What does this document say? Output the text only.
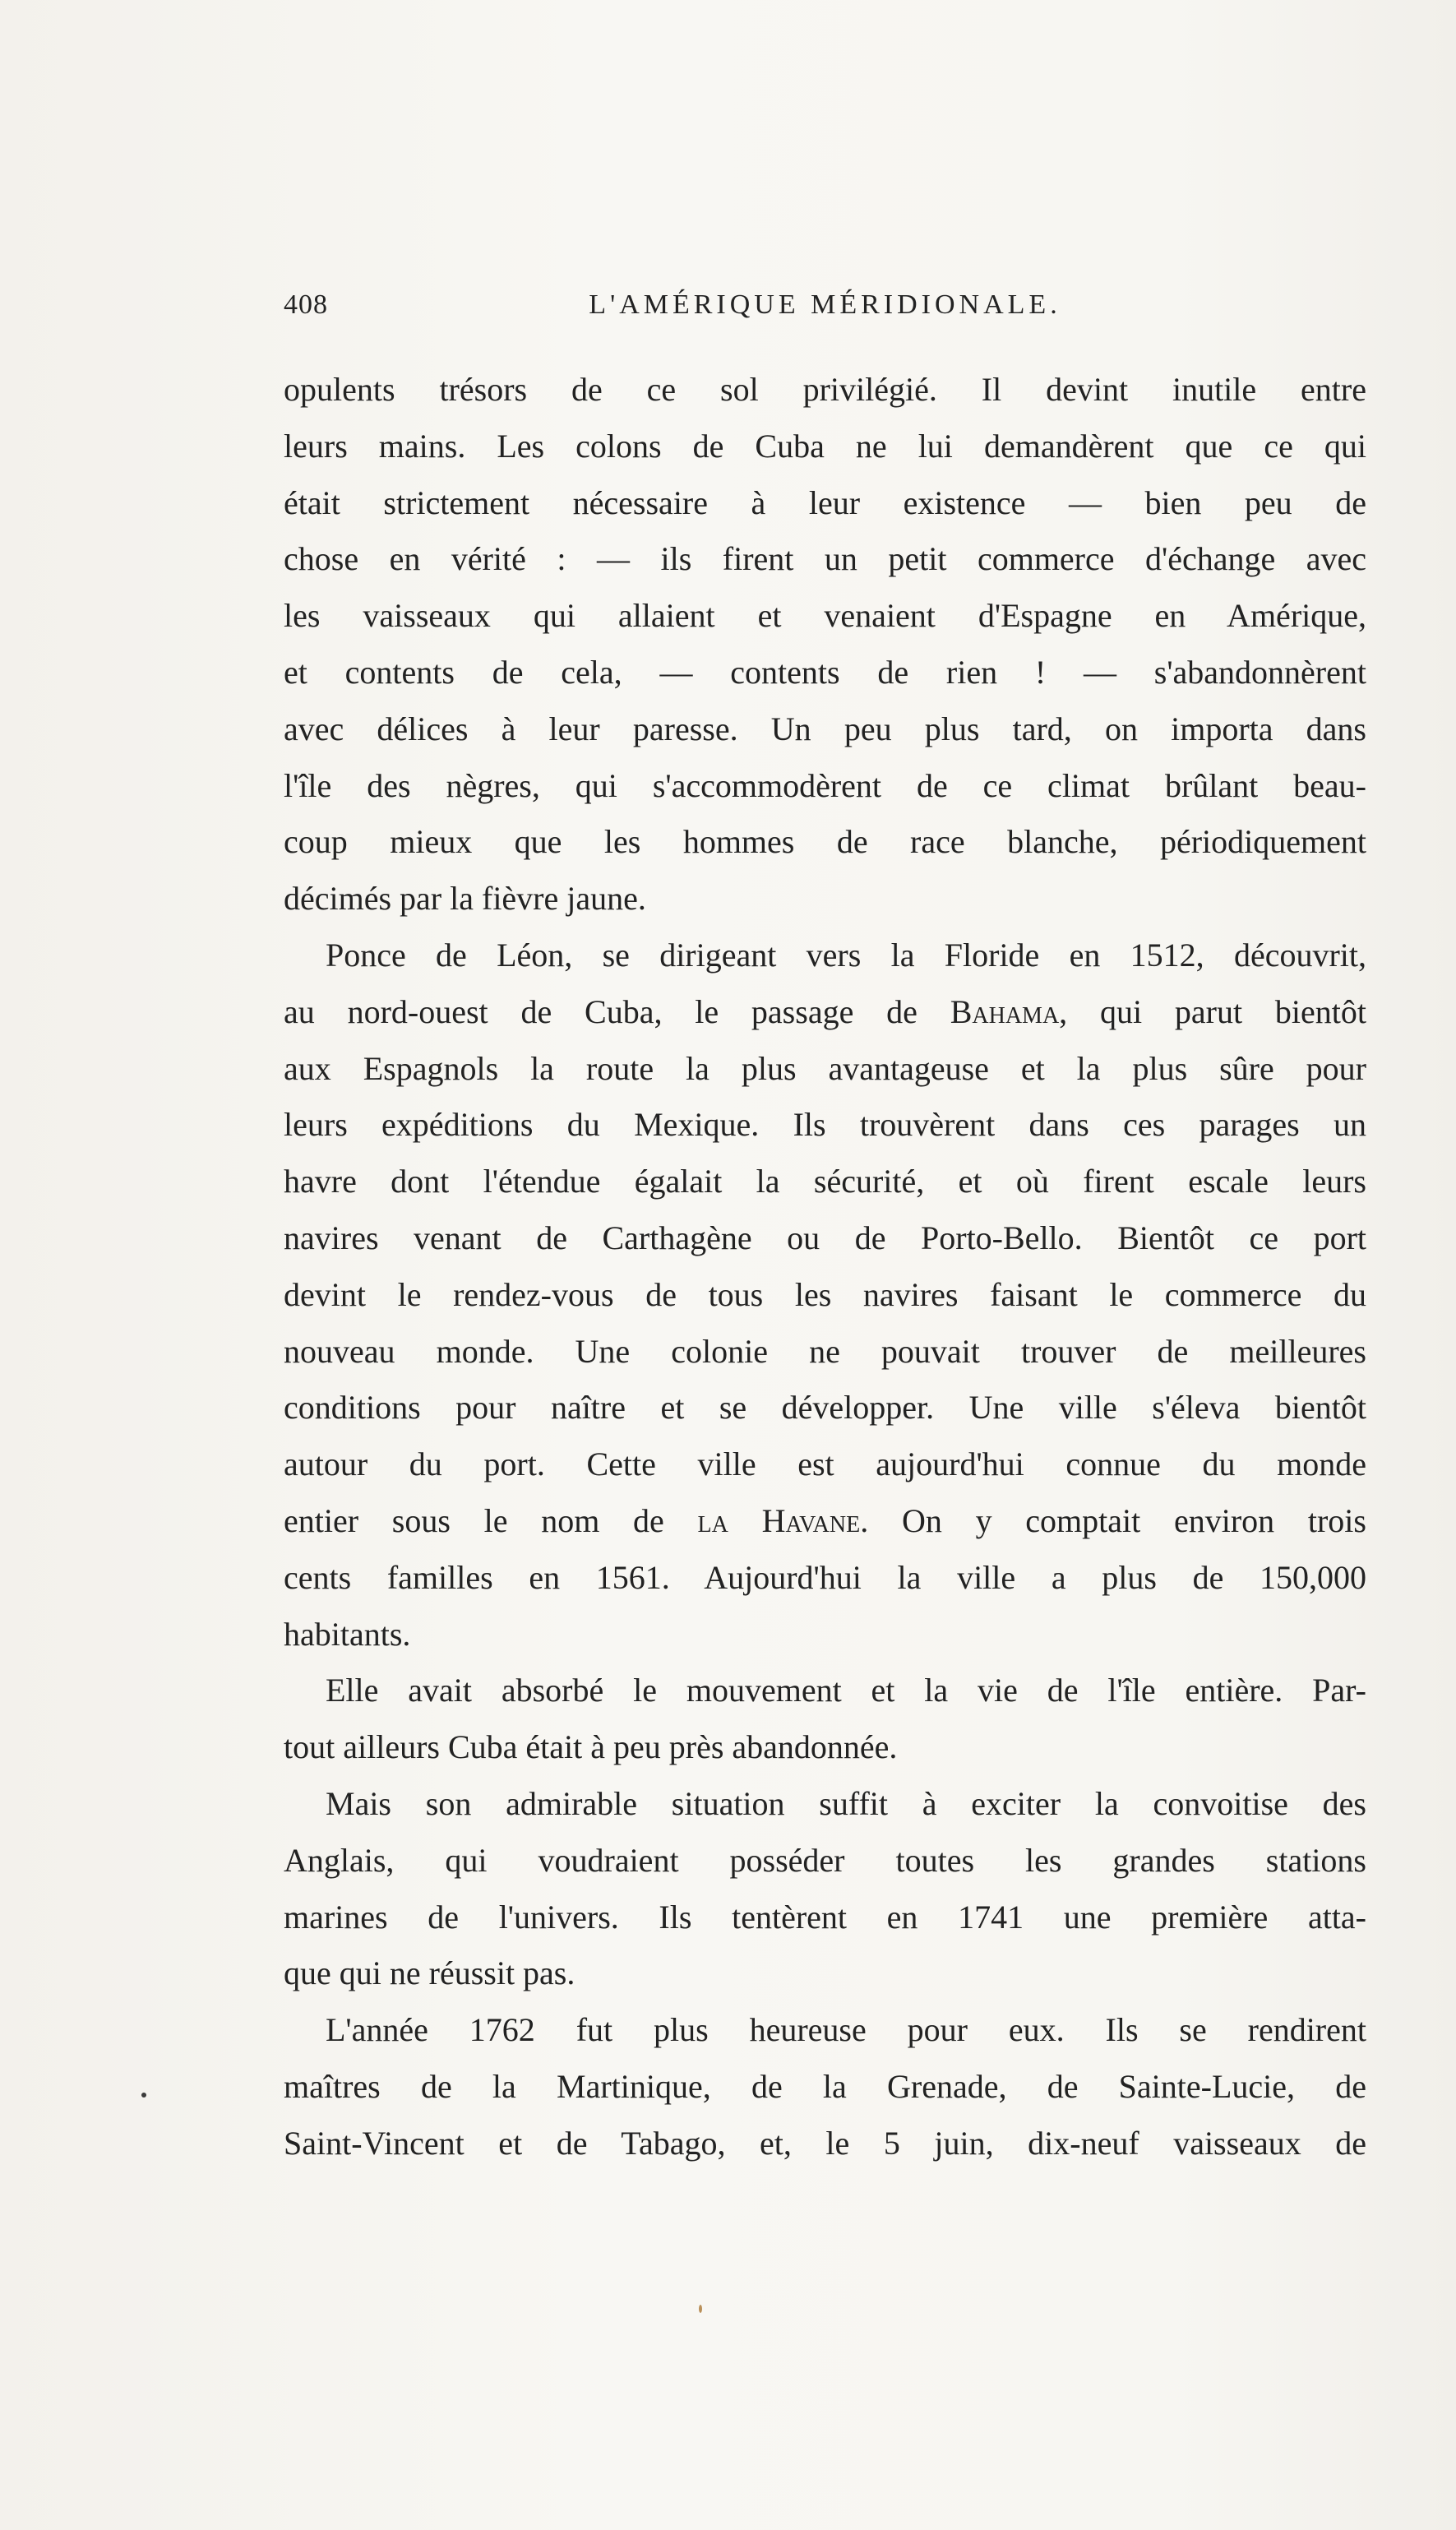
408	L'AMÉRIQUE MÉRIDIONALE.
opulents trésors de ce sol privilégié. Il devint inutile entre
leurs mains. Les colons de Cuba ne lui demandèrent que ce qui
était strictement nécessaire à leur existence — bien peu de
chose en vérité : — ils firent un petit commerce d'échange avec
les vaisseaux qui allaient et venaient d'Espagne en Amérique,
et contents de cela, — contents de rien ! — s'abandonnèrent
avec délices à leur paresse. Un peu plus tard, on importa dans
l'île des nègres, qui s'accommodèrent de ce climat brûlant beau-
coup mieux que les hommes de race blanche, périodiquement
décimés par la fièvre jaune.
Ponce de Léon, se dirigeant vers la Floride en 1512, découvrit,
au nord-ouest de Cuba, le passage de Bahama, qui parut bientôt
aux Espagnols la route la plus avantageuse et la plus sûre pour
leurs expéditions du Mexique. Ils trouvèrent dans ces parages un
havre dont l'étendue égalait la sécurité, et où firent escale leurs
navires venant de Carthagène ou de Porto-Bello. Bientôt ce port
devint le rendez-vous de tous les navires faisant le commerce du
nouveau monde. Une colonie ne pouvait trouver de meilleures
conditions pour naître et se développer. Une ville s'éleva bientôt
autour du port. Cette ville est aujourd'hui connue du monde
entier sous le nom de la Havane. On y comptait environ trois
cents familles en 1561. Aujourd'hui la ville a plus de 150,000
habitants.
Elle avait absorbé le mouvement et la vie de l'île entière. Par-
tout ailleurs Cuba était à peu près abandonnée.
Mais son admirable situation suffit à exciter la convoitise des
Anglais, qui voudraient posséder toutes les grandes stations
marines de l'univers. Ils tentèrent en 1741 une première atta-
que qui ne réussit pas.
L'année 1762 fut plus heureuse pour eux. Ils se rendirent
maîtres de la Martinique, de la Grenade, de Sainte-Lucie, de
Saint-Vincent et de Tabago, et, le 5 juin, dix-neuf vaisseaux de
